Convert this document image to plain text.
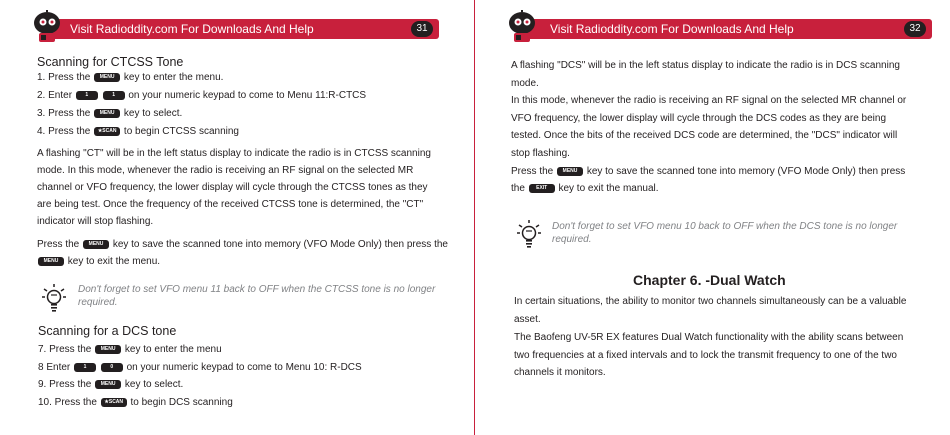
Visit Radioddity.com For Downloads And Help	31
Scanning for CTCSS Tone
1. Press the MENU key to enter the menu.
2. Enter	1	1 on your numeric keypad to come to Menu 11:R-CTCS
3. Press the MENU key to select.
4. Press the ★SCAN to begin CTCSS scanning
A flashing "CT" will be in the left status display to indicate the radio is in CTCSS scanning
mode. In this mode, whenever the radio is receiving an RF signal on the selected MR
channel or VFO frequency, the lower display will cycle through the CTCSS tones as they
are being test. Once the frequency of the received CTCSS tone is determined, the "CT"
indicator will stop flashing.
Press the MENU key to save the scanned tone into memory (VFO Mode Only) then press the
MENU key to exit the menu.
Don't forget to set VFO menu 11 back to OFF when the CTCSS tone is no longer
required.
Scanning for a DCS tone
7. Press the MENU key to enter the menu
8 Enter	1	0 on your numeric keypad to come to Menu 10: R-DCS
9. Press the MENU key to select.
10. Press the ★SCAN to begin DCS scanning
Visit Radioddity.com For Downloads And Help	32
A flashing "DCS" will be in the left status display to indicate the radio is in DCS scanning
mode.
In this mode, whenever the radio is receiving an RF signal on the selected MR channel or
VFO frequency, the lower display will cycle through the DCS codes as they are being
tested. Once the bits of the received DCS code are determined, the "DCS" indicator will
stop flashing.
Press the MENU key to save the scanned tone into memory (VFO Mode Only) then press
the EXIT key to exit the manual.
Don't forget to set VFO menu 10 back to OFF when the DCS tone is no longer
required.
Chapter 6. -Dual Watch
In certain situations, the ability to monitor two channels simultaneously can be a valuable
asset.
The Baofeng UV-5R EX features Dual Watch functionality with the ability scans between
two frequencies at a fixed intervals and to lock the transmit frequency to one of the two
channels it monitors.
